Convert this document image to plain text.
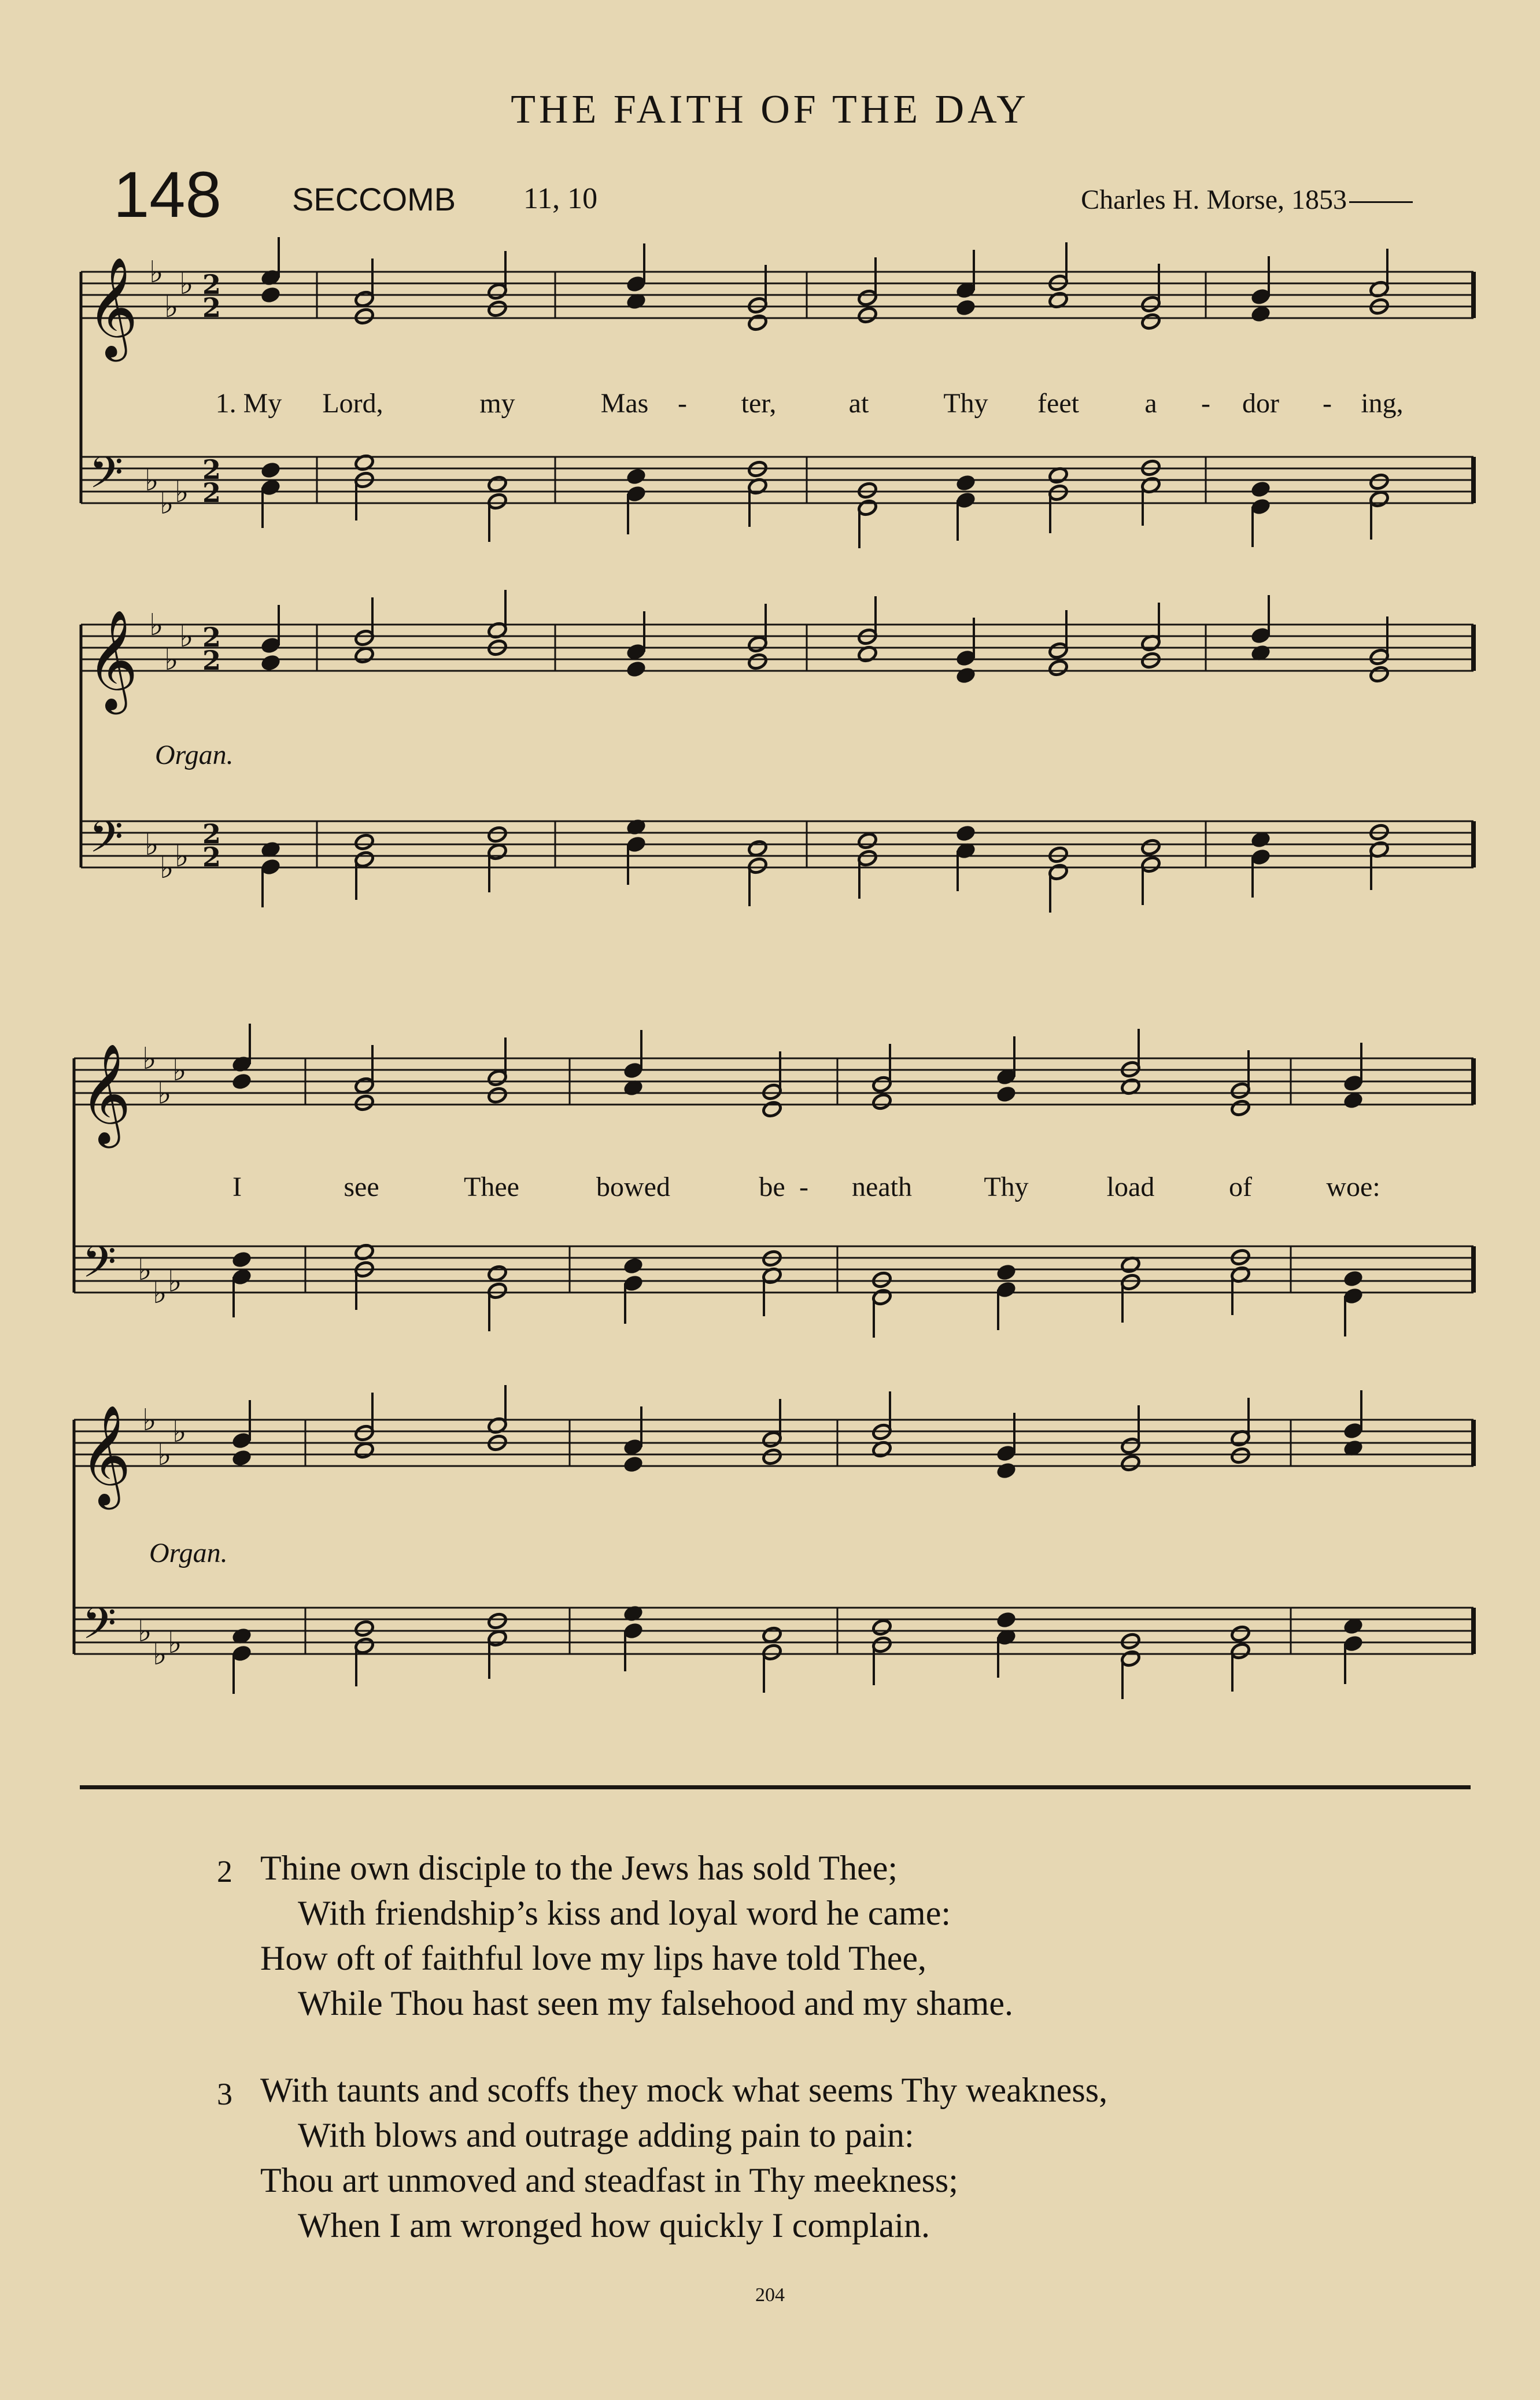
THE FAITH OF THE DAY
148 SECCOMB 11, 10	Charles H. Morse, 1853
𝄞 ♭
♭
♭ 2
2
𝄢 ♭
♭ ♭
2
2
𝄞 ♭
♭
♭ 2
2
𝄢 ♭
♭ ♭
2
2
𝄞 ♭
♭
♭
𝄢 ♭
♭ ♭
𝄞 ♭
♭
♭
𝄢 ♭
♭ ♭
1. My Lord,	my	Mas - ter,	at	Thy feet a - dor - ing,
I	see	Thee	bowed	be - neath	Thy	load	of	woe:
Organ.
Organ.
2 Thine own disciple to the Jews has sold Thee;
With friendship’s kiss and loyal word he came:
How oft of faithful love my lips have told Thee,
While Thou hast seen my falsehood and my shame.
3 With taunts and scoffs they mock what seems Thy weakness,
With blows and outrage adding pain to pain:
Thou art unmoved and steadfast in Thy meekness;
When I am wronged how quickly I complain.
204
